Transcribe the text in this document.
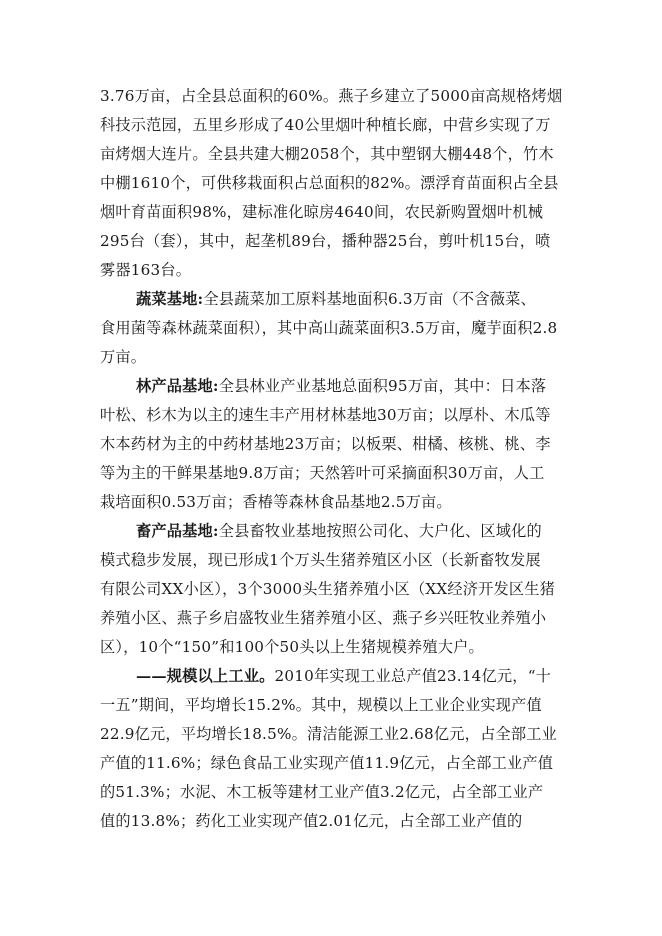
3.76万亩，占全县总面积的60%。燕子乡建立了5000亩高规格烤烟
科技示范园，五里乡形成了40公里烟叶种植长廊，中营乡实现了万
亩烤烟大连片。全县共建大棚2058个，其中塑钢大棚448个，竹木
中棚1610个，可供移栽面积占总面积的82%。漂浮育苗面积占全县
烟叶育苗面积98%，建标准化晾房4640间，农民新购置烟叶机械
295台（套），其中，起垄机89台，播种器25台，剪叶机15台，喷
雾器163台。
蔬菜基地:全县蔬菜加工原料基地面积6.3万亩（不含薇菜、
食用菌等森林蔬菜面积），其中高山蔬菜面积3.5万亩，魔芋面积2.8
万亩。
林产品基地:全县林业产业基地总面积95万亩，其中：日本落
叶松、杉木为以主的速生丰产用材林基地30万亩；以厚朴、木瓜等
木本药材为主的中药材基地23万亩；以板栗、柑橘、核桃、桃、李
等为主的干鲜果基地9.8万亩；天然箬叶可采摘面积30万亩，人工
栽培面积0.53万亩；香椿等森林食品基地2.5万亩。
畜产品基地:全县畜牧业基地按照公司化、大户化、区域化的
模式稳步发展，现已形成1个万头生猪养殖区小区（长新畜牧发展
有限公司XX小区），3个3000头生猪养殖小区（XX经济开发区生猪
养殖小区、燕子乡启盛牧业生猪养殖小区、燕子乡兴旺牧业养殖小
区），10个“150”和100个50头以上生猪规模养殖大户。
——规模以上工业。2010年实现工业总产值23.14亿元，“十
一五”期间，平均增长15.2%。其中，规模以上工业企业实现产值
22.9亿元，平均增长18.5%。清洁能源工业2.68亿元，占全部工业
产值的11.6%；绿色食品工业实现产值11.9亿元，占全部工业产值
的51.3%；水泥、木工板等建材工业产值3.2亿元，占全部工业产
值的13.8%；药化工业实现产值2.01亿元，占全部工业产值的
